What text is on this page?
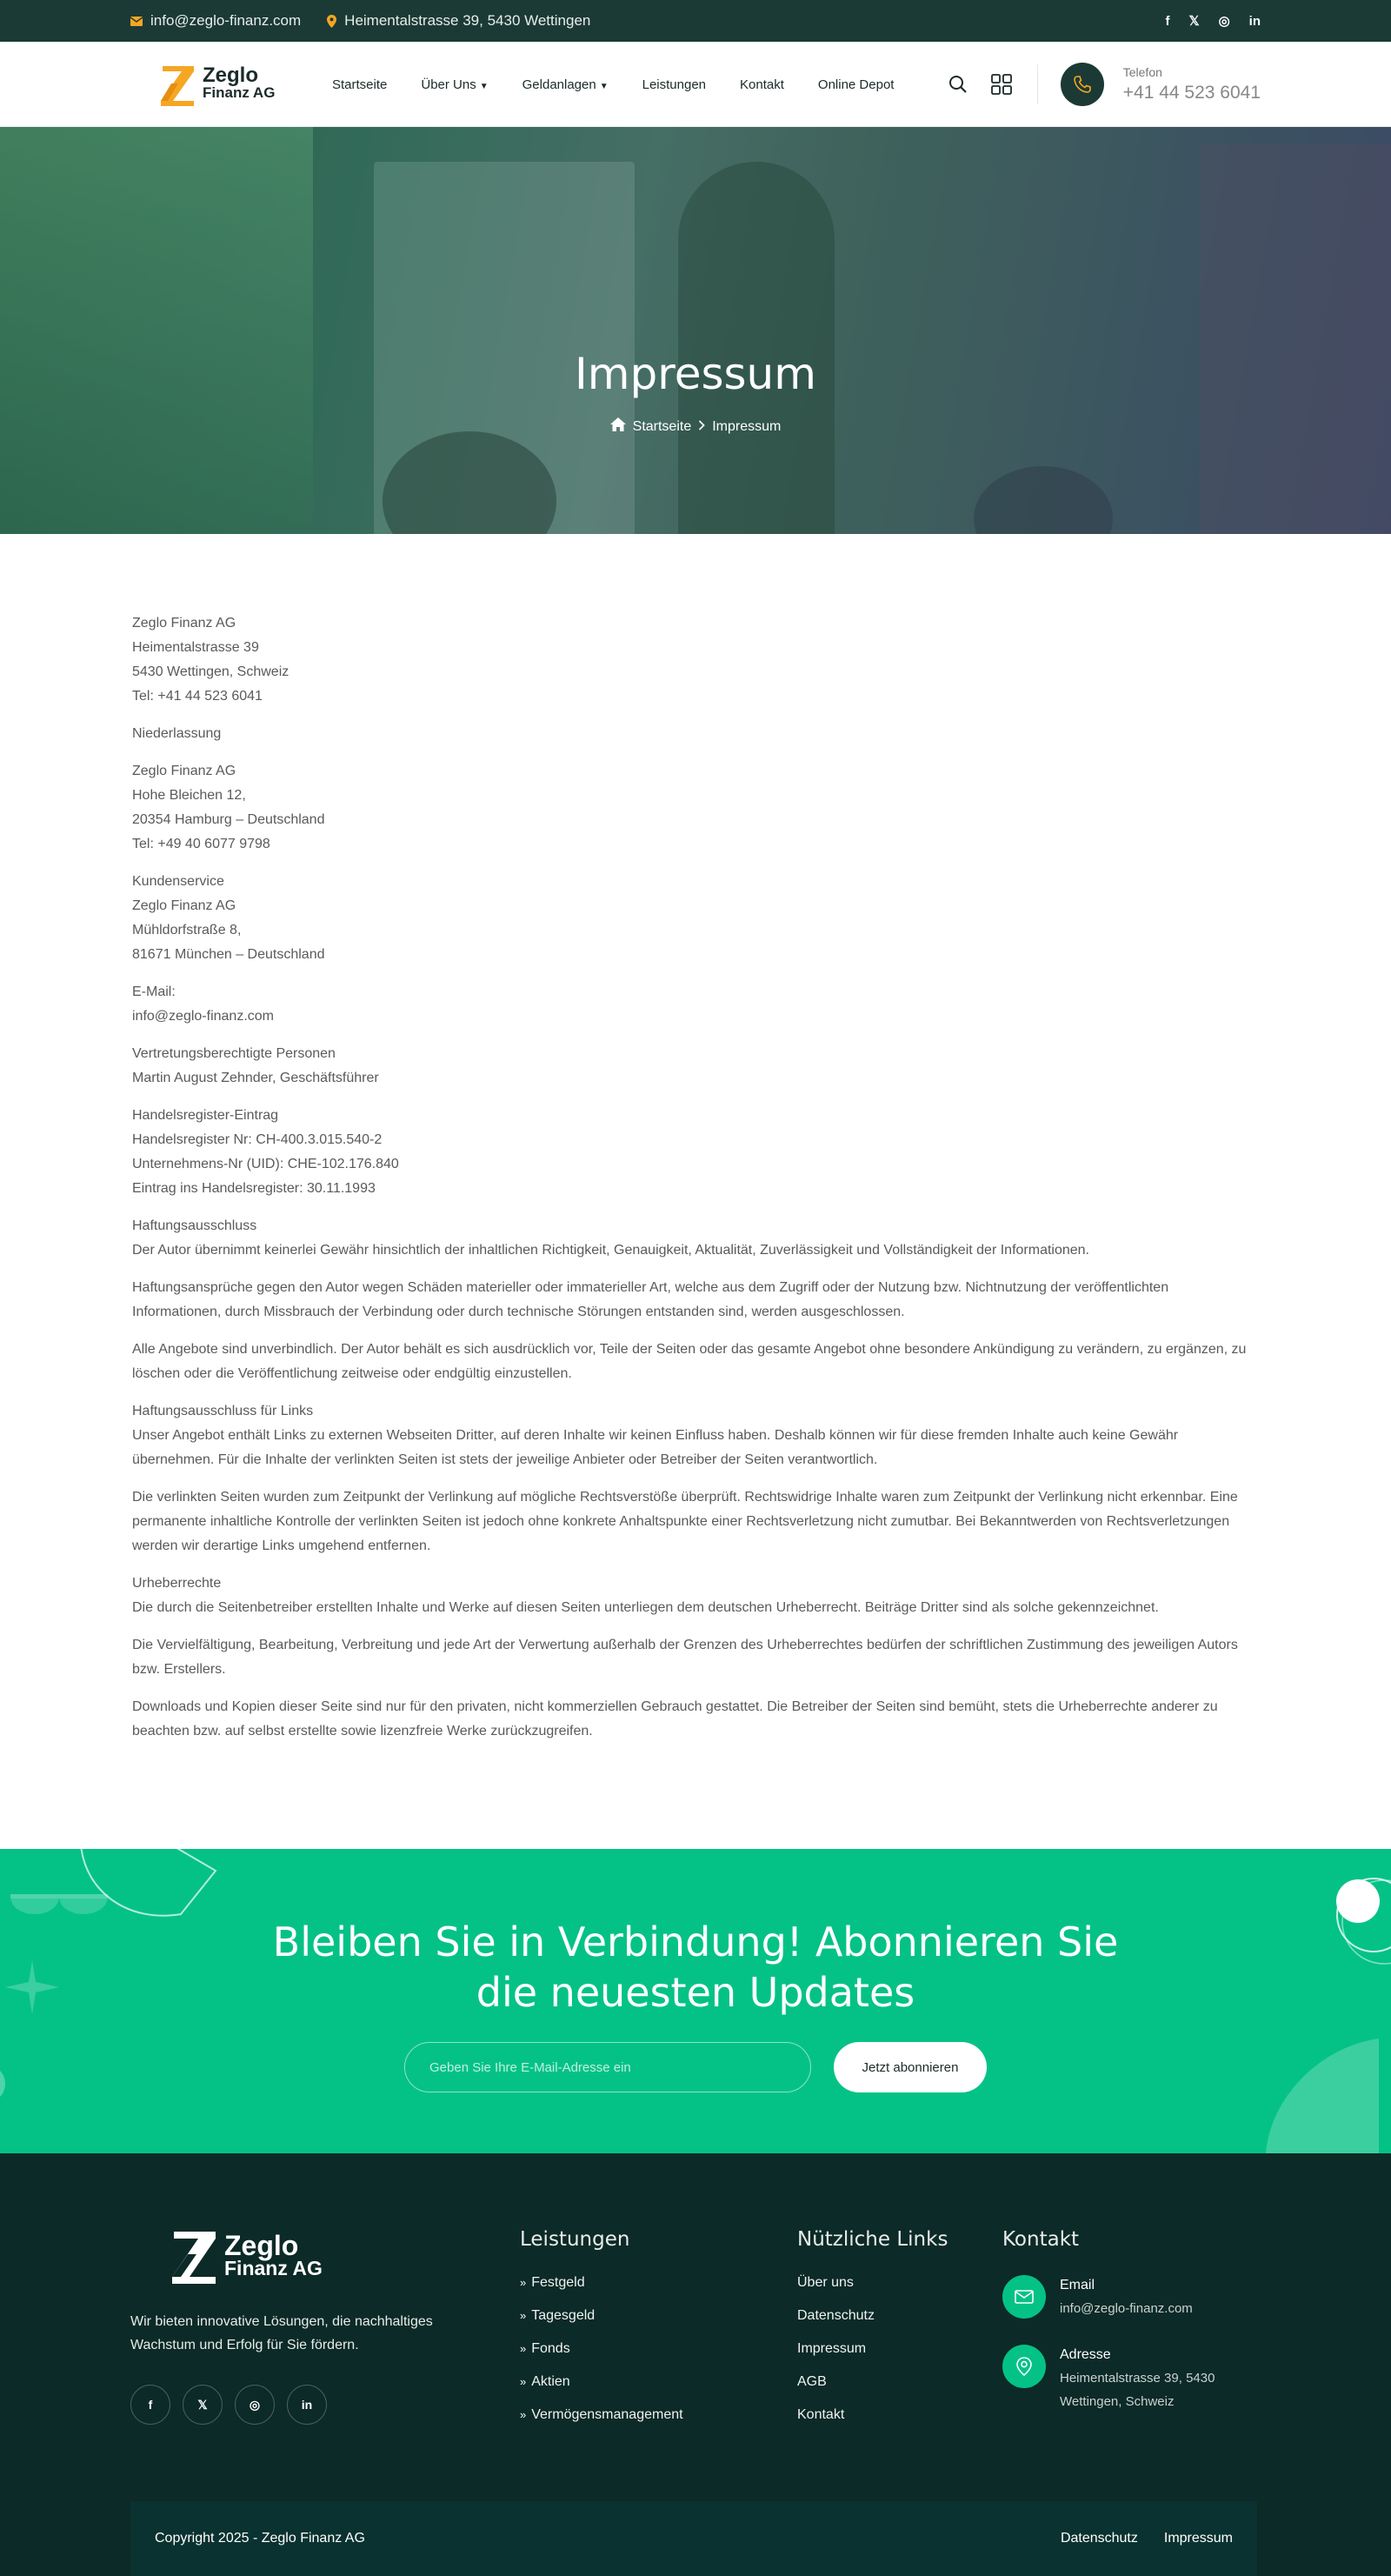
info@zeglo-finanz.com	Heimentalstrasse 39, 5430 Wettingen	f 𝕏 ◎ in
Zeglo
Finanz AG	Startseite	Über Uns ▼	Geldanlagen ▼	Leistungen	Kontakt	Online Depot
Telefon
+41 44 523 6041
Impressum
Startseite Impressum

Zeglo Finanz AG
Heimentalstrasse 39
5430 Wettingen, Schweiz
Tel: +41 44 523 6041

Niederlassung

Zeglo Finanz AG
Hohe Bleichen 12,
20354 Hamburg – Deutschland
Tel: +49 40 6077 9798

Kundenservice
Zeglo Finanz AG
Mühldorfstraße 8,
81671 München – Deutschland

E-Mail:
info@zeglo-finanz.com

Vertretungsberechtigte Personen
Martin August Zehnder, Geschäftsführer

Handelsregister-Eintrag
Handelsregister Nr: CH-400.3.015.540-2
Unternehmens-Nr (UID): CHE-102.176.840
Eintrag ins Handelsregister: 30.11.1993

Haftungsausschluss
Der Autor übernimmt keinerlei Gewähr hinsichtlich der inhaltlichen Richtigkeit, Genauigkeit, Aktualität, Zuverlässigkeit und Vollständigkeit der Informationen.

Haftungsansprüche gegen den Autor wegen Schäden materieller oder immaterieller Art, welche aus dem Zugriff oder der Nutzung bzw. Nichtnutzung der veröffentlichten Informationen, durch Missbrauch der Verbindung oder durch technische Störungen entstanden sind, werden ausgeschlossen.

Alle Angebote sind unverbindlich. Der Autor behält es sich ausdrücklich vor, Teile der Seiten oder das gesamte Angebot ohne besondere Ankündigung zu verändern, zu ergänzen, zu löschen oder die Veröffentlichung zeitweise oder endgültig einzustellen.

Haftungsausschluss für Links
Unser Angebot enthält Links zu externen Webseiten Dritter, auf deren Inhalte wir keinen Einfluss haben. Deshalb können wir für diese fremden Inhalte auch keine Gewähr übernehmen. Für die Inhalte der verlinkten Seiten ist stets der jeweilige Anbieter oder Betreiber der Seiten verantwortlich.

Die verlinkten Seiten wurden zum Zeitpunkt der Verlinkung auf mögliche Rechtsverstöße überprüft. Rechtswidrige Inhalte waren zum Zeitpunkt der Verlinkung nicht erkennbar. Eine permanente inhaltliche Kontrolle der verlinkten Seiten ist jedoch ohne konkrete Anhaltspunkte einer Rechtsverletzung nicht zumutbar. Bei Bekanntwerden von Rechtsverletzungen werden wir derartige Links umgehend entfernen.

Urheberrechte
Die durch die Seitenbetreiber erstellten Inhalte und Werke auf diesen Seiten unterliegen dem deutschen Urheberrecht. Beiträge Dritter sind als solche gekennzeichnet.

Die Vervielfältigung, Bearbeitung, Verbreitung und jede Art der Verwertung außerhalb der Grenzen des Urheberrechtes bedürfen der schriftlichen Zustimmung des jeweiligen Autors bzw. Erstellers.

Downloads und Kopien dieser Seite sind nur für den privaten, nicht kommerziellen Gebrauch gestattet. Die Betreiber der Seiten sind bemüht, stets die Urheberrechte anderer zu beachten bzw. auf selbst erstellte sowie lizenzfreie Werke zurückzugreifen.

Bleiben Sie in Verbindung! Abonnieren Sie
die neuesten Updates
Geben Sie Ihre E-Mail-Adresse ein
Jetzt abonnieren
Zeglo
Finanz AG

Wir bieten innovative Lösungen, die nachhaltiges Wachstum und Erfolg für Sie fördern.

f	𝕏	◎	in
Leistungen
» Festgeld
» Tagesgeld
» Fonds
» Aktien
» Vermögensmanagement
Nützliche Links
Über uns
Datenschutz
Impressum
AGB
Kontakt
Kontakt
Email
info@zeglo-finanz.com
Adresse
Heimentalstrasse 39, 5430 Wettingen, Schweiz
Copyright 2025 - Zeglo Finanz AG	Datenschutz Impressum
